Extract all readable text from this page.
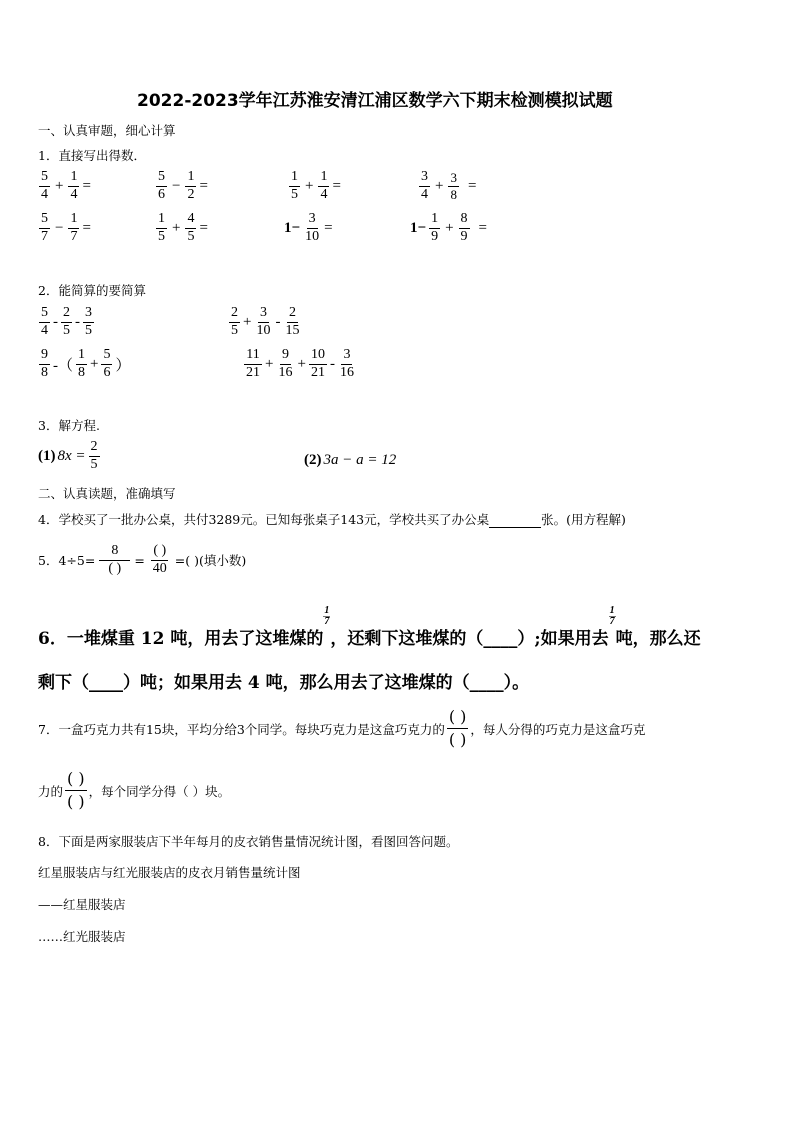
2022-2023学年江苏淮安清江浦区数学六下期末检测模拟试题
一、认真审题，细心计算
1．直接写出得数．
$\frac{5}{4} + \frac{1}{4}$ =	$\frac{5}{6} - \frac{1}{2}$ =	$\frac{1}{5} + \frac{1}{4}$ =	$\frac{3}{4} + \frac{3}{8}$ =
$\frac{5}{7} - \frac{1}{7}$ =	$\frac{1}{5} + \frac{4}{5}$ =	$1- \frac{3}{10}$ =	$1- \frac{1}{9} + \frac{8}{9}$ =
2．能简算的要简算
$\frac{5}{4} - \frac{2}{5} - \frac{3}{5}$	$\frac{2}{5} + \frac{3}{10} - \frac{2}{15}$
$\frac{9}{8}$ -（ $\frac{1}{8} + \frac{5}{6}$ ）	$\frac{11}{21} + \frac{9}{16} + \frac{10}{21} - \frac{3}{16}$
3．解方程.
(1) $8x = \frac{2}{5}$	(2) 3a − a = 12
二、认真读题，准确填写
4．学校买了一批办公桌，共付3289元。已知每张桌子143元，学校共买了办公桌	张。(用方程解)
5．$4\div 5= \frac{8}{( )} = \frac{( )}{40}$ =( )(填小数)
6．一堆煤重 12 吨，用去了这堆煤的
$\frac{1}{7}$
，还剩下这堆煤的（____）;如果用去
$\frac{1}{7}$
吨，那么还
剩下（____）吨；如果用去 4 吨，那么用去了这堆煤的（____）。
7．一盒巧克力共有15块，平均分给3个同学。每块巧克力是这盒巧克力的 $\frac{( )}{( )}$ ，每人分得的巧克力是这盒巧克
力的 $\frac{( )}{( )}$ ，每个同学分得（ ）块。
8．下面是两家服装店下半年每月的皮衣销售量情况统计图，看图回答问题。
红星服装店与红光服装店的皮衣月销售量统计图
——红星服装店
……红光服装店
